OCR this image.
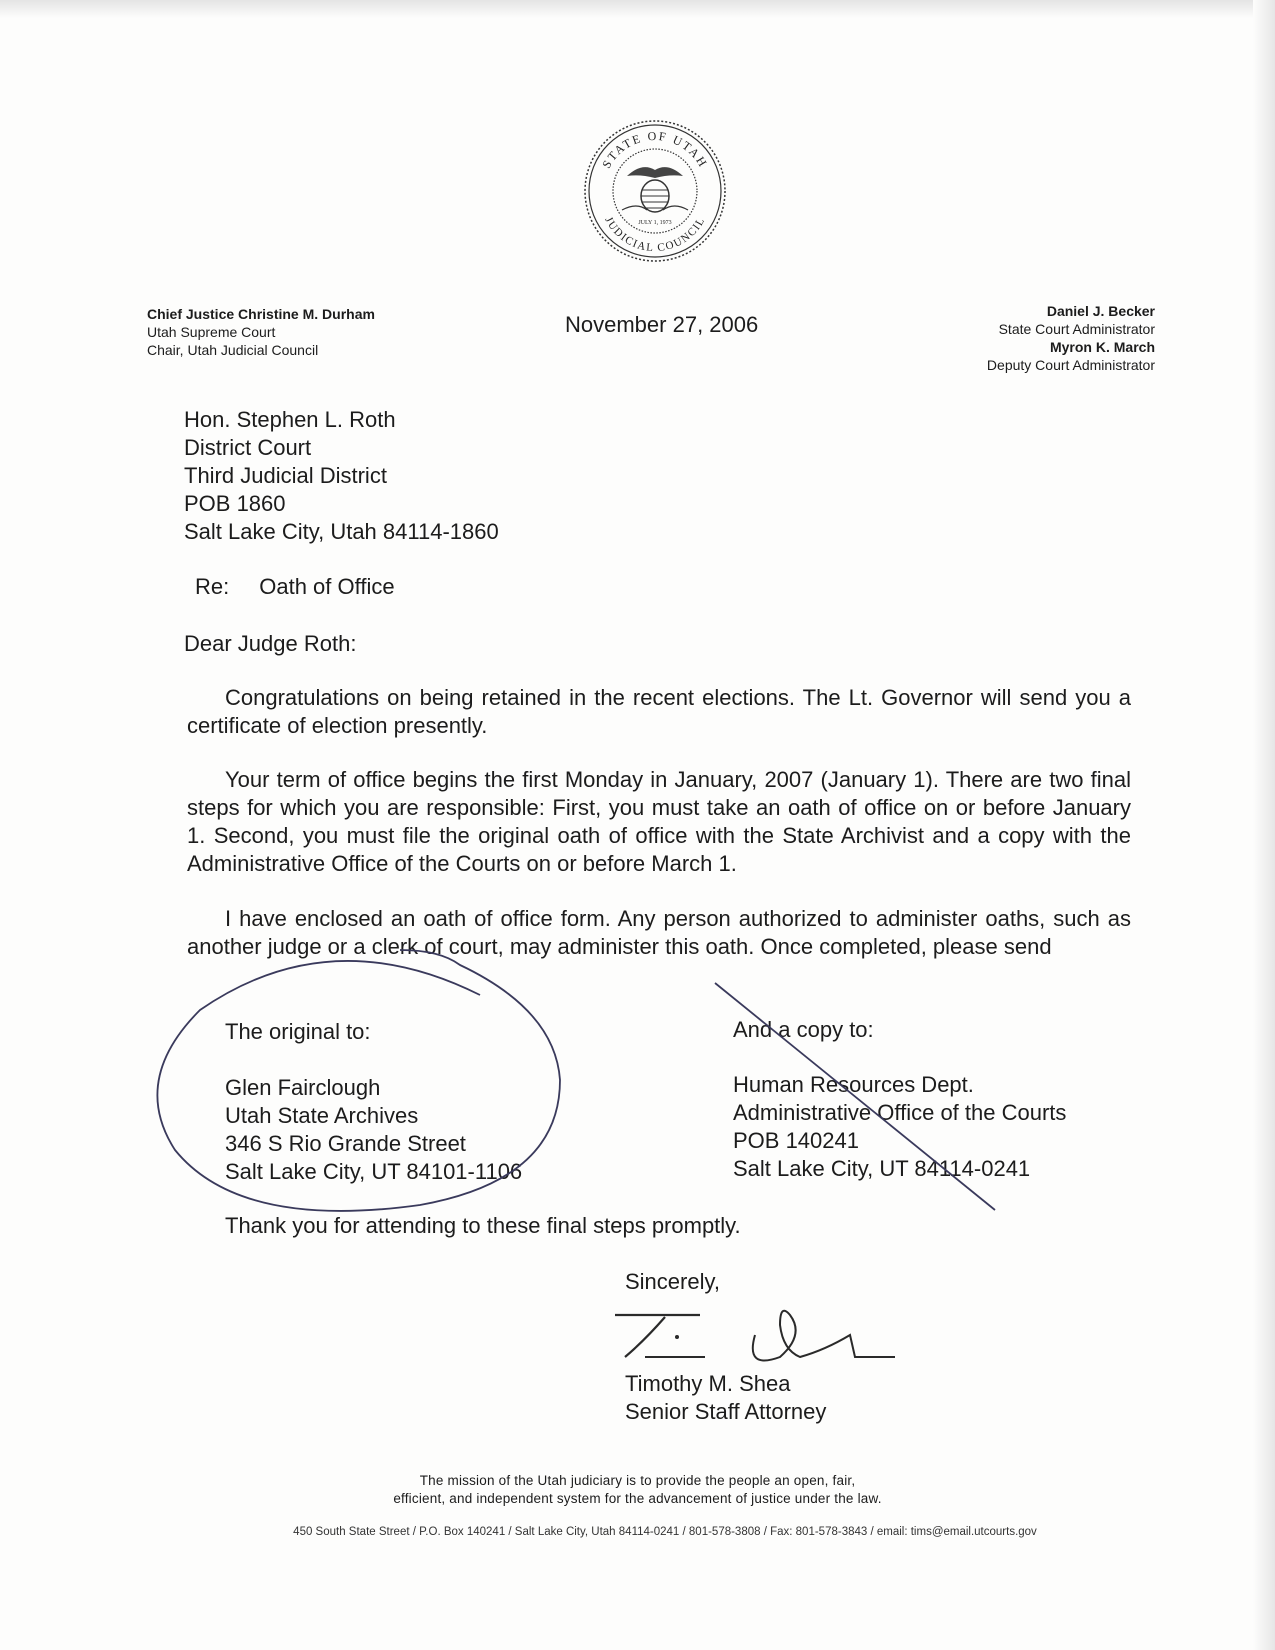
STATE OF UTAH
JUDICIAL COUNCIL
JULY 1, 1973
Chief Justice Christine M. Durham
Utah Supreme Court
Chair, Utah Judicial Council
November 27, 2006
Daniel J. Becker
State Court Administrator
Myron K. March
Deputy Court Administrator
Hon. Stephen L. Roth
District Court
Third Judicial District
POB 1860
Salt Lake City, Utah 84114-1860
Re: Oath of Office
Dear Judge Roth:
Congratulations on being retained in the recent elections. The Lt. Governor will send you a certificate of election presently.
Your term of office begins the first Monday in January, 2007 (January 1). There are two final steps for which you are responsible: First, you must take an oath of office on or before January 1. Second, you must file the original oath of office with the State Archivist and a copy with the Administrative Office of the Courts on or before March 1.
I have enclosed an oath of office form. Any person authorized to administer oaths, such as another judge or a clerk of court, may administer this oath. Once completed, please send
The original to:
Glen Fairclough
Utah State Archives
346 S Rio Grande Street
Salt Lake City, UT 84101-1106
And a copy to:
Human Resources Dept.
Administrative Office of the Courts
POB 140241
Salt Lake City, UT 84114-0241
Thank you for attending to these final steps promptly.
Sincerely,
Timothy M. Shea
Senior Staff Attorney
The mission of the Utah judiciary is to provide the people an open, fair,
efficient, and independent system for the advancement of justice under the law.
450 South State Street / P.O. Box 140241 / Salt Lake City, Utah 84114-0241 / 801-578-3808 / Fax: 801-578-3843 / email: tims@email.utcourts.gov
